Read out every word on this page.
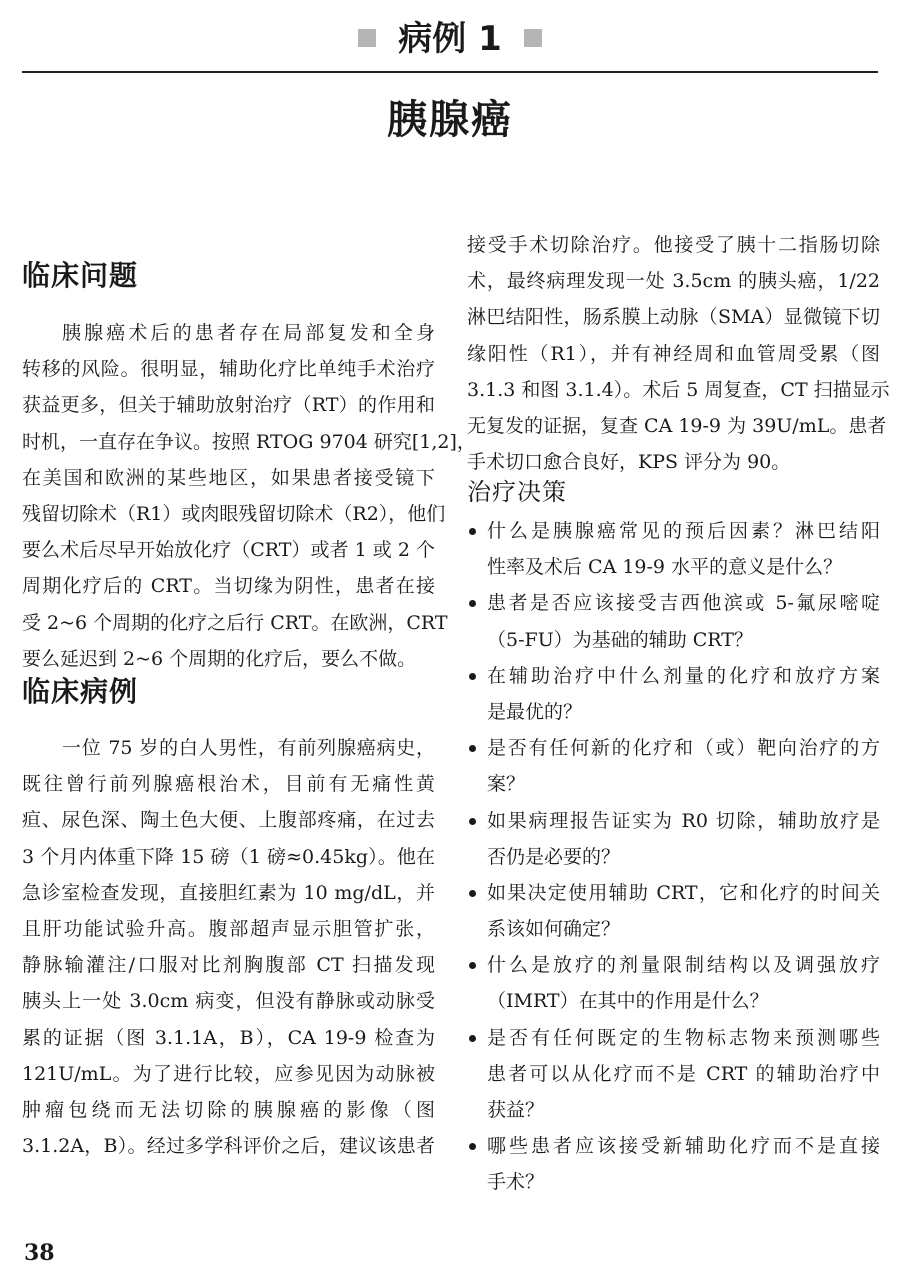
病例 1
胰腺癌
临床问题
胰腺癌术后的患者存在局部复发和全身
转移的风险。很明显，辅助化疗比单纯手术治疗
获益更多，但关于辅助放射治疗（RT）的作用和
时机，一直存在争议。按照 RTOG 9704 研究[1,2]，
在美国和欧洲的某些地区，如果患者接受镜下
残留切除术（R1）或肉眼残留切除术（R2），他们
要么术后尽早开始放化疗（CRT）或者 1 或 2 个
周期化疗后的 CRT。当切缘为阴性，患者在接
受 2~6 个周期的化疗之后行 CRT。在欧洲，CRT
要么延迟到 2~6 个周期的化疗后，要么不做。
临床病例
一位 75 岁的白人男性，有前列腺癌病史，
既往曾行前列腺癌根治术，目前有无痛性黄
疸、尿色深、陶土色大便、上腹部疼痛，在过去
3 个月内体重下降 15 磅（1 磅≈0.45kg）。他在
急诊室检查发现，直接胆红素为 10 mg/dL，并
且肝功能试验升高。腹部超声显示胆管扩张，
静脉输灌注/口服对比剂胸腹部 CT 扫描发现
胰头上一处 3.0cm 病变，但没有静脉或动脉受
累的证据（图 3.1.1A，B），CA 19-9 检查为
121U/mL。为了进行比较，应参见因为动脉被
肿瘤包绕而无法切除的胰腺癌的影像（图
3.1.2A，B）。经过多学科评价之后，建议该患者
接受手术切除治疗。他接受了胰十二指肠切除
术，最终病理发现一处 3.5cm 的胰头癌，1/22
淋巴结阳性，肠系膜上动脉（SMA）显微镜下切
缘阳性（R1），并有神经周和血管周受累（图
3.1.3 和图 3.1.4）。术后 5 周复查，CT 扫描显示
无复发的证据，复查 CA 19-9 为 39U/mL。患者
手术切口愈合良好，KPS 评分为 90。
治疗决策
什么是胰腺癌常见的预后因素？淋巴结阳
性率及术后 CA 19-9 水平的意义是什么？
患者是否应该接受吉西他滨或 5-氟尿嘧啶
（5-FU）为基础的辅助 CRT？
在辅助治疗中什么剂量的化疗和放疗方案
是最优的？
是否有任何新的化疗和（或）靶向治疗的方
案？
如果病理报告证实为 R0 切除，辅助放疗是
否仍是必要的？
如果决定使用辅助 CRT，它和化疗的时间关
系该如何确定？
什么是放疗的剂量限制结构以及调强放疗
（IMRT）在其中的作用是什么？
是否有任何既定的生物标志物来预测哪些
患者可以从化疗而不是 CRT 的辅助治疗中
获益？
哪些患者应该接受新辅助化疗而不是直接
手术？
38
